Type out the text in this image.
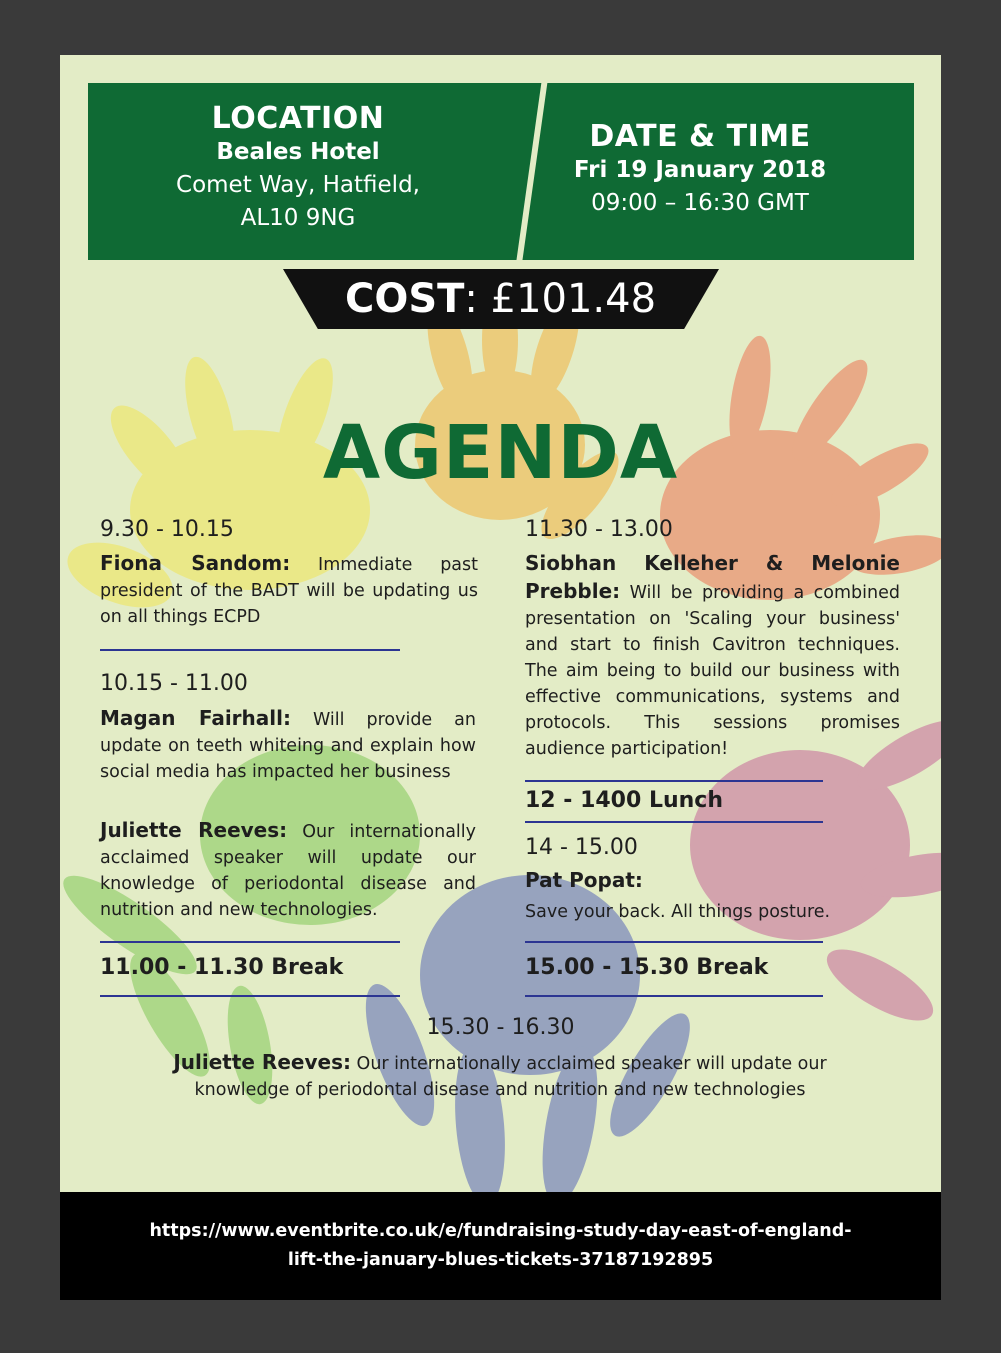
LOCATION
Beales Hotel
Comet Way, Hatfield,
AL10 9NG
DATE & TIME
Fri 19 January 2018
09:00 – 16:30 GMT
COST: £101.48
AGENDA
9.30 - 10.15
Fiona Sandom: Immediate past president of the BADT will be updating us on all things ECPD
10.15 - 11.00
Magan Fairhall: Will provide an update on teeth whiteing and explain how social media has impacted her business
Juliette Reeves: Our internationally acclaimed speaker will update our knowledge of periodontal disease and nutrition and new technologies.
11.00 - 11.30 Break
11.30 - 13.00
Siobhan Kelleher & Melonie Prebble: Will be providing a combined presentation on 'Scaling your business' and start to finish Cavitron techniques. The aim being to build our business with effective communications, systems and protocols. This sessions promises audience participation!
12 - 1400 Lunch
14 - 15.00
Pat Popat:
Save your back. All things posture.
15.00 - 15.30 Break
15.30 - 16.30
Juliette Reeves: Our internationally acclaimed speaker will update our knowledge of periodontal disease and nutrition and new technologies
https://www.eventbrite.co.uk/e/fundraising-study-day-east-of-england-
lift-the-january-blues-tickets-37187192895
